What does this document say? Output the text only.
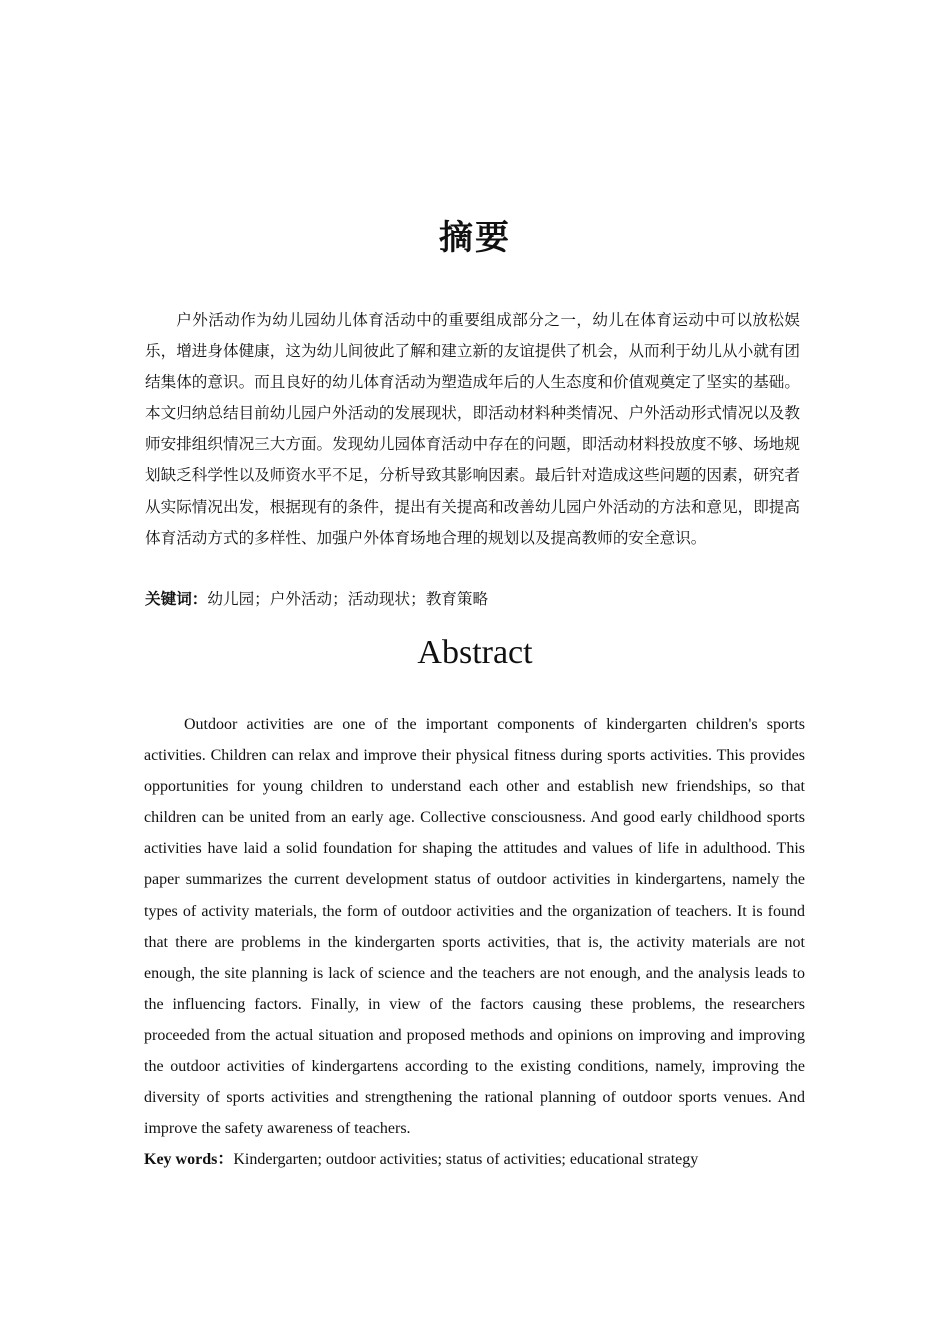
摘要

户外活动作为幼儿园幼儿体育活动中的重要组成部分之一，幼儿在体育运动中可以放松娱乐，增进身体健康，这为幼儿间彼此了解和建立新的友谊提供了机会，从而利于幼儿从小就有团结集体的意识。而且良好的幼儿体育活动为塑造成年后的人生态度和价值观奠定了坚实的基础。本文归纳总结目前幼儿园户外活动的发展现状，即活动材料种类情况、户外活动形式情况以及教师安排组织情况三大方面。发现幼儿园体育活动中存在的问题，即活动材料投放度不够、场地规划缺乏科学性以及师资水平不足，分析导致其影响因素。最后针对造成这些问题的因素，研究者从实际情况出发，根据现有的条件，提出有关提高和改善幼儿园户外活动的方法和意见，即提高体育活动方式的多样性、加强户外体育场地合理的规划以及提高教师的安全意识。

关键词：幼儿园；户外活动；活动现状；教育策略

Abstract

Outdoor activities are one of the important components of kindergarten children's sports activities. Children can relax and improve their physical fitness during sports activities. This provides opportunities for young children to understand each other and establish new friendships, so that children can be united from an early age. Collective consciousness. And good early childhood sports activities have laid a solid foundation for shaping the attitudes and values of life in adulthood. This paper summarizes the current development status of outdoor activities in kindergartens, namely the types of activity materials, the form of outdoor activities and the organization of teachers. It is found that there are problems in the kindergarten sports activities, that is, the activity materials are not enough, the site planning is lack of science and the teachers are not enough, and the analysis leads to the influencing factors. Finally, in view of the factors causing these problems, the researchers proceeded from the actual situation and proposed methods and opinions on improving and improving the outdoor activities of kindergartens according to the existing conditions, namely, improving the diversity of sports activities and strengthening the rational planning of outdoor sports venues. And improve the safety awareness of teachers.

Key words：Kindergarten; outdoor activities; status of activities; educational strategy
